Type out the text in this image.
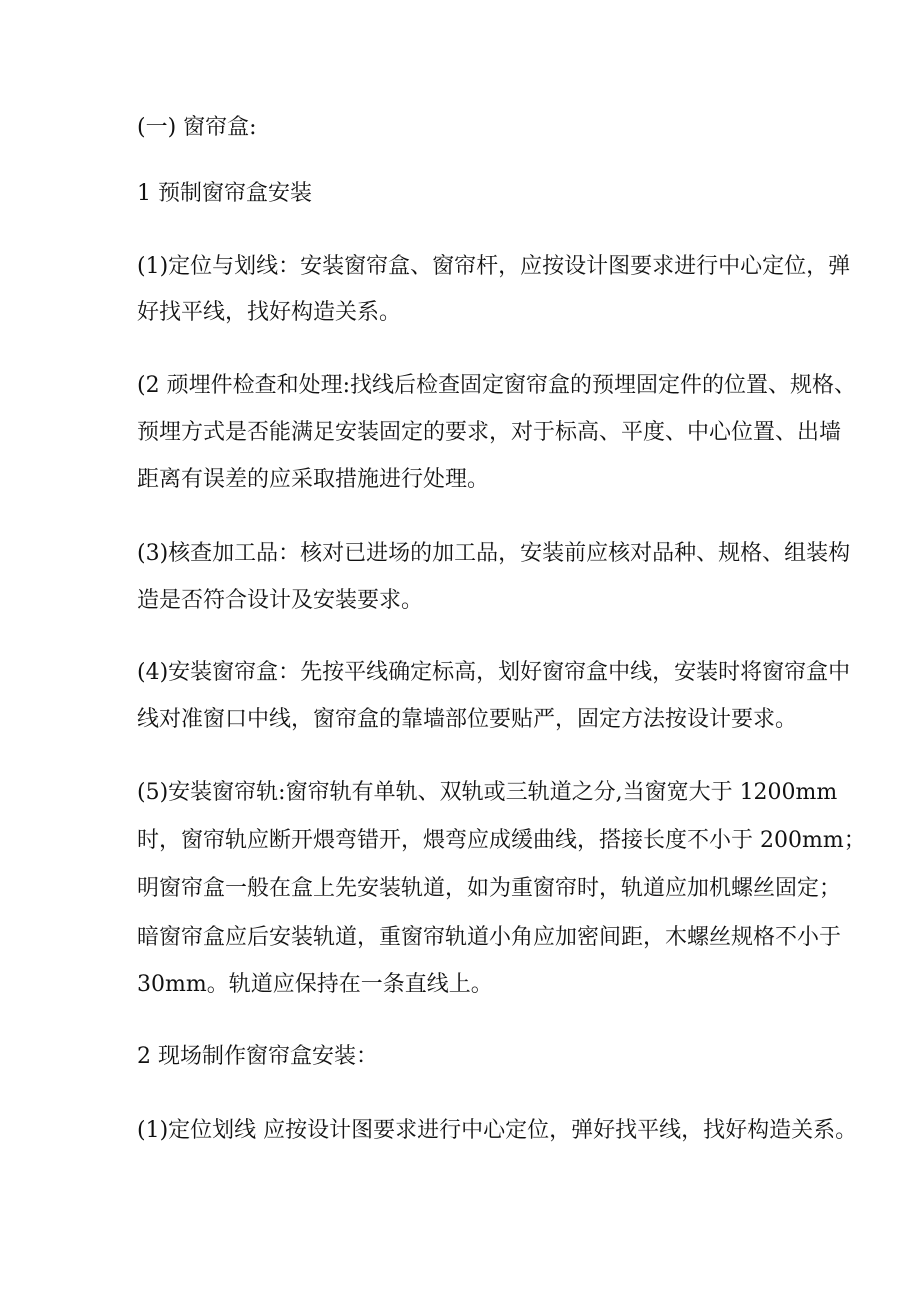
(一) 窗帘盒:

1 预制窗帘盒安装

(1)定位与划线：安装窗帘盒、窗帘杆，应按设计图要求进行中心定位，弹

好找平线，找好构造关系。

(2 顽埋件检查和处理:找线后检查固定窗帘盒的预埋固定件的位置、规格、

预埋方式是否能满足安装固定的要求，对于标高、平度、中心位置、出墙

距离有误差的应采取措施进行处理。

(3)核查加工品：核对已进场的加工品，安装前应核对品种、规格、组装构

造是否符合设计及安装要求。

(4)安装窗帘盒：先按平线确定标高，划好窗帘盒中线，安装时将窗帘盒中

线对准窗口中线，窗帘盒的靠墙部位要贴严，固定方法按设计要求。

(5)安装窗帘轨:窗帘轨有单轨、双轨或三轨道之分,当窗宽大于 1200mm

时，窗帘轨应断开煨弯错开，煨弯应成缓曲线，搭接长度不小于 200mm；

明窗帘盒一般在盒上先安装轨道，如为重窗帘时，轨道应加机螺丝固定；

暗窗帘盒应后安装轨道，重窗帘轨道小角应加密间距，木螺丝规格不小于

30mm。轨道应保持在一条直线上。

2 现场制作窗帘盒安装：

(1)定位划线 应按设计图要求进行中心定位，弹好找平线，找好构造关系。
